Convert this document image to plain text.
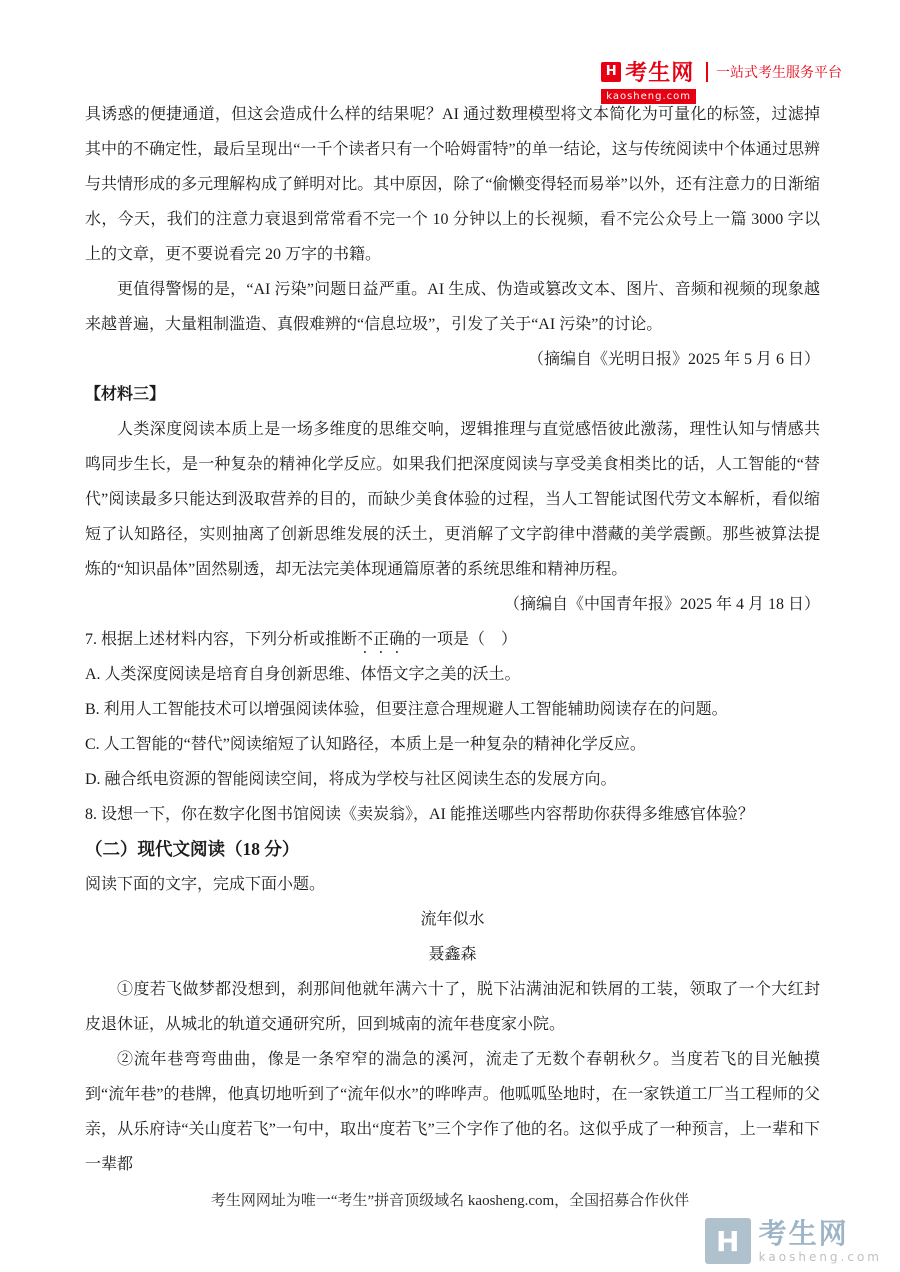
H 考生网
kaosheng.com
一站式考生服务平台

具诱惑的便捷通道，但这会造成什么样的结果呢？AI 通过数理模型将文本简化为可量化的标签，过滤掉其中的不确定性，最后呈现出“一千个读者只有一个哈姆雷特”的单一结论，这与传统阅读中个体通过思辨与共情形成的多元理解构成了鲜明对比。其中原因，除了“偷懒变得轻而易举”以外，还有注意力的日渐缩水，今天，我们的注意力衰退到常常看不完一个 10 分钟以上的长视频，看不完公众号上一篇 3000 字以上的文章，更不要说看完 20 万字的书籍。

更值得警惕的是，“AI 污染”问题日益严重。AI 生成、伪造或篡改文本、图片、音频和视频的现象越来越普遍，大量粗制滥造、真假难辨的“信息垃圾”，引发了关于“AI 污染”的讨论。

（摘编自《光明日报》2025 年 5 月 6 日）

【材料三】

人类深度阅读本质上是一场多维度的思维交响，逻辑推理与直觉感悟彼此激荡，理性认知与情感共鸣同步生长，是一种复杂的精神化学反应。如果我们把深度阅读与享受美食相类比的话，人工智能的“替代”阅读最多只能达到汲取营养的目的，而缺少美食体验的过程，当人工智能试图代劳文本解析，看似缩短了认知路径，实则抽离了创新思维发展的沃土，更消解了文字韵律中潜藏的美学震颤。那些被算法提炼的“知识晶体”固然剔透，却无法完美体现通篇原著的系统思维和精神历程。

（摘编自《中国青年报》2025 年 4 月 18 日）

7. 根据上述材料内容，下列分析或推断不正确的一项是（　）

A. 人类深度阅读是培育自身创新思维、体悟文字之美的沃土。

B. 利用人工智能技术可以增强阅读体验，但要注意合理规避人工智能辅助阅读存在的问题。

C. 人工智能的“替代”阅读缩短了认知路径，本质上是一种复杂的精神化学反应。

D. 融合纸电资源的智能阅读空间，将成为学校与社区阅读生态的发展方向。

8. 设想一下，你在数字化图书馆阅读《卖炭翁》，AI 能推送哪些内容帮助你获得多维感官体验？

（二）现代文阅读（18 分）

阅读下面的文字，完成下面小题。

流年似水

聂鑫森

①度若飞做梦都没想到，刹那间他就年满六十了，脱下沾满油泥和铁屑的工装，领取了一个大红封皮退休证，从城北的轨道交通研究所，回到城南的流年巷度家小院。

②流年巷弯弯曲曲，像是一条窄窄的湍急的溪河，流走了无数个春朝秋夕。当度若飞的目光触摸到“流年巷”的巷牌，他真切地听到了“流年似水”的哗哗声。他呱呱坠地时，在一家铁道工厂当工程师的父亲，从乐府诗“关山度若飞”一句中，取出“度若飞”三个字作了他的名。这似乎成了一种预言，上一辈和下一辈都

考生网网址为唯一“考生”拼音顶级域名 kaosheng.com，全国招募合作伙伴
H 考生网
kaosheng.com
